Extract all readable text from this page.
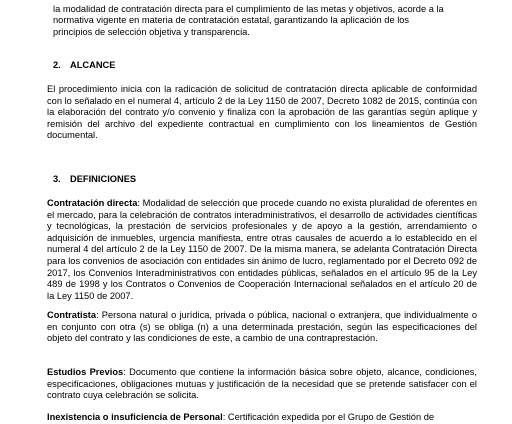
la modalidad de contratación directa para el cumplimiento de las metas y objetivos, acorde a la

normativa vigente en materia de contratación estatal, garantizando la aplicación de los

principios de selección objetiva y transparencia.

2. ALCANCE

El procedimiento inicia con la radicación de solicitud de contratación directa aplicable de conformidad con lo señalado en el numeral 4, artículo 2 de la Ley 1150 de 2007, Decreto 1082 de 2015, continúa con la elaboración del contrato y/o convenio y finaliza con la aprobación de las garantías según aplique y remisión del archivo del expediente contractual en cumplimiento con los lineamientos de Gestión documental.

3. DEFINICIONES

Contratación directa: Modalidad de selección que procede cuando no exista pluralidad de oferentes en el mercado, para la celebración de contratos interadministrativos, el desarrollo de actividades científicas y tecnológicas, la prestación de servicios profesionales y de apoyo a la gestión, arrendamiento o adquisición de inmuebles, urgencia manifiesta, entre otras causales de acuerdo a lo establecido en el numeral 4 del artículo 2 de la Ley 1150 de 2007. De la misma manera, se adelanta Contratación Directa para los convenios de asociación con entidades sin ánimo de lucro, reglamentado por el Decreto 092 de 2017, los Convenios Interadministrativos con entidades públicas, señalados en el artículo 95 de la Ley 489 de 1998 y los Contratos o Convenios de Cooperación Internacional señalados en el artículo 20 de la Ley 1150 de 2007.

Contratista: Persona natural o jurídica, privada o pública, nacional o extranjera, que individualmente o en conjunto con otra (s) se obliga (n) a una determinada prestación, según las especificaciones del objeto del contrato y las condiciones de este, a cambio de una contraprestación.

Estudios Previos: Documento que contiene la información básica sobre objeto, alcance, condiciones, especificaciones, obligaciones mutuas y justificación de la necesidad que se pretende satisfacer con el contrato cuya celebración se solicita.

Inexistencia o insuficiencia de Personal: Certificación expedida por el Grupo de Gestión de
